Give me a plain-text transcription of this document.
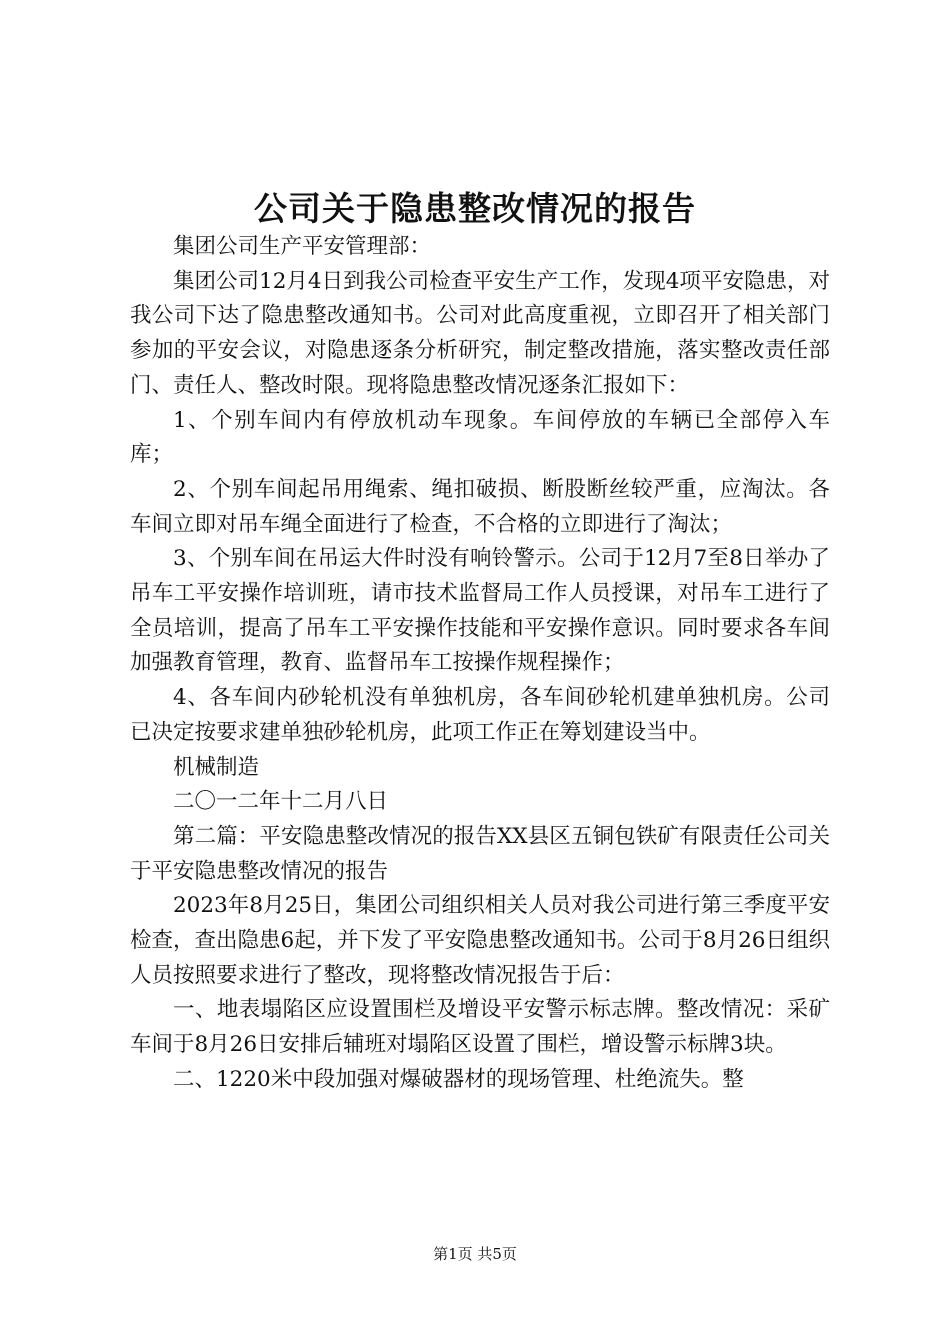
公司关于隐患整改情况的报告

集团公司生产平安管理部：

集团公司12月4日到我公司检查平安生产工作，发现4项平安隐患，对我公司下达了隐患整改通知书。公司对此高度重视，立即召开了相关部门参加的平安会议，对隐患逐条分析研究，制定整改措施，落实整改责任部门、责任人、整改时限。现将隐患整改情况逐条汇报如下：

1、个别车间内有停放机动车现象。车间停放的车辆已全部停入车库；

2、个别车间起吊用绳索、绳扣破损、断股断丝较严重，应淘汰。各车间立即对吊车绳全面进行了检查，不合格的立即进行了淘汰；

3、个别车间在吊运大件时没有响铃警示。公司于12月7至8日举办了吊车工平安操作培训班，请市技术监督局工作人员授课，对吊车工进行了全员培训，提高了吊车工平安操作技能和平安操作意识。同时要求各车间加强教育管理，教育、监督吊车工按操作规程操作；

4、各车间内砂轮机没有单独机房，各车间砂轮机建单独机房。公司已决定按要求建单独砂轮机房，此项工作正在筹划建设当中。

机械制造

二〇一二年十二月八日

第二篇：平安隐患整改情况的报告XX县区五铜包铁矿有限责任公司关于平安隐患整改情况的报告

2023年8月25日，集团公司组织相关人员对我公司进行第三季度平安检查，查出隐患6起，并下发了平安隐患整改通知书。公司于8月26日组织人员按照要求进行了整改，现将整改情况报告于后：

一、地表塌陷区应设置围栏及增设平安警示标志牌。整改情况：采矿车间于8月26日安排后辅班对塌陷区设置了围栏，增设警示标牌3块。

二、1220米中段加强对爆破器材的现场管理、杜绝流失。整

第1页 共5页
